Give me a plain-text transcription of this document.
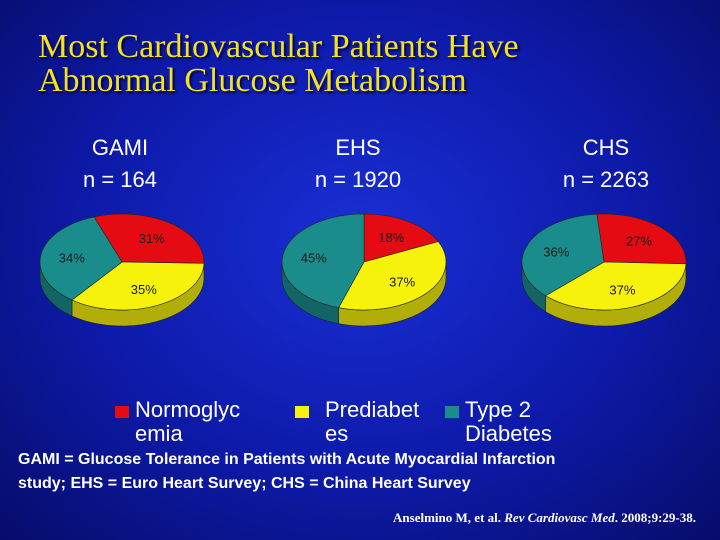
Most Cardiovascular Patients Have
Abnormal Glucose Metabolism
GAMI
n = 164
EHS
n = 1920
CHS
n = 2263
31%
35%
34%
18%
37%
45%
27%
37%
36%
Normoglyc
emia
Prediabet
es
Type 2
Diabetes
GAMI = Glucose Tolerance in Patients with Acute Myocardial Infarction
study; EHS = Euro Heart Survey; CHS = China Heart Survey
Anselmino M, et al. Rev Cardiovasc Med. 2008;9:29-38.
